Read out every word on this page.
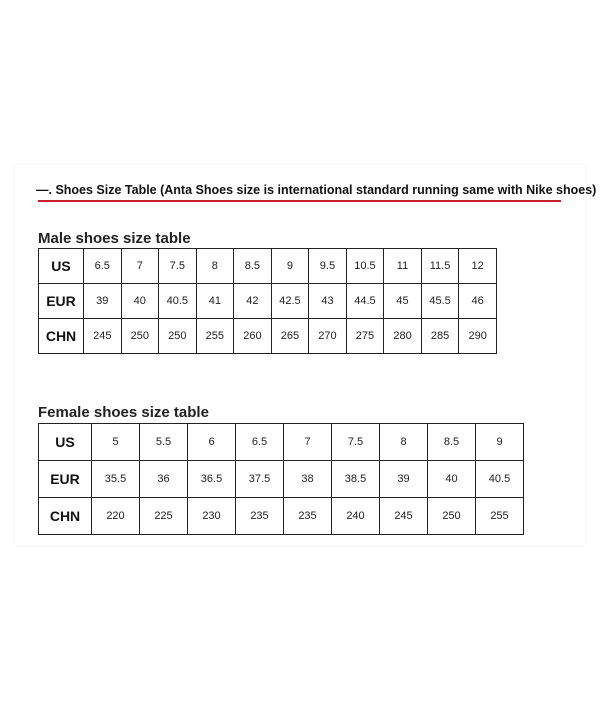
—. Shoes Size Table (Anta Shoes size is international standard running same with Nike shoes)
Male shoes size table
US	6.5	7	7.5	8	8.5	9	9.5	10.5	11	11.5	12
EUR	39	40	40.5	41	42	42.5	43	44.5	45	45.5	46
CHN	245	250	250	255	260	265	270	275	280	285	290
Female shoes size table
US	5	5.5	6	6.5	7	7.5	8	8.5	9
EUR	35.5	36	36.5	37.5	38	38.5	39	40	40.5
CHN	220	225	230	235	235	240	245	250	255
